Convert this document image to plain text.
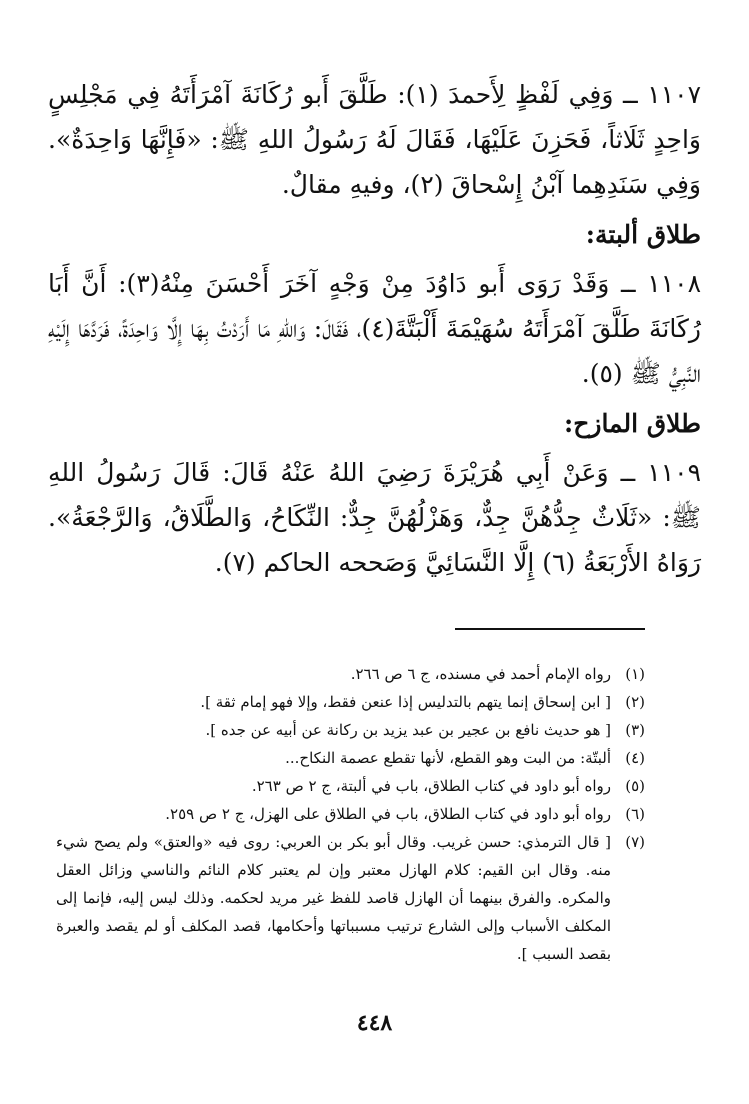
١١٠٧ ــ وَفِي لَفْظٍ لِأَحمدَ (١): طَلَّقَ أَبو رُكَانَةَ آمْرَأَتَهُ فِي مَجْلِسٍ وَاحِدٍ ثَلَاثاً، فَحَزِنَ عَلَيْهَا، فَقَالَ لَهُ رَسُولُ اللهِ ﷺ: «فَإِنَّهَا وَاحِدَةٌ». وَفِي سَنَدِهِما آبْنُ إِسْحاقَ (٢)، وفيهِ مقالٌ.

طلاق ألبتة:

١١٠٨ ــ وَقَدْ رَوَى أَبو دَاوُدَ مِنْ وَجْهٍ آخَرَ أَحْسَنَ مِنْهُ(٣): أَنَّ أَبَا رُكَانَةَ طَلَّقَ آمْرَأَتَهُ سُهَيْمَةَ أَلْبَتَّةَ(٤)، فَقَالَ: وَاللهِ مَا أَرَدْتُ بِهَا إِلَّا وَاحِدَةً، فَرَدَّهَا إِلَيْهِ النَّبِيُّ ﷺ (٥).

طلاق المازح:

١١٠٩ ــ وَعَنْ أَبِي هُرَيْرَةَ رَضِيَ اللهُ عَنْهُ قَالَ: قَالَ رَسُولُ اللهِ ﷺ: «ثَلَاثٌ جِدُّهُنَّ جِدٌّ، وَهَزْلُهُنَّ جِدٌّ: النِّكَاحُ، وَالطَّلَاقُ، وَالرَّجْعَةُ». رَوَاهُ الأَرْبَعَةُ (٦) إِلَّا النَّسَائِيَّ وَصَححه الحاكم (٧).

(١)
رواه الإمام أحمد في مسنده، ج ٦ ص ٢٦٦.
(٢)
[ ابن إسحاق إنما يتهم بالتدليس إذا عنعن فقط، وإلا فهو إمام ثقة ].
(٣)
[ هو حديث نافع بن عجير بن عبد يزيد بن ركانة عن أبيه عن جده ].
(٤)
ألبتّة: من البت وهو القطع، لأنها تقطع عصمة النكاح...
(٥)
رواه أبو داود في كتاب الطلاق، باب في ألبتة، ج ٢ ص ٢٦٣.
(٦)
رواه أبو داود في كتاب الطلاق، باب في الطلاق على الهزل، ج ٢ ص ٢٥٩.
(٧)
[ قال الترمذي: حسن غريب. وقال أبو بكر بن العربي: روى فيه «والعتق» ولم يصح شيء منه. وقال ابن القيم: كلام الهازل معتبر وإن لم يعتبر كلام النائم والناسي وزائل العقل والمكره. والفرق بينهما أن الهازل قاصد للفظ غير مريد لحكمه. وذلك ليس إليه، فإنما إلى المكلف الأسباب وإلى الشارع ترتيب مسبباتها وأحكامها، قصد المكلف أو لم يقصد والعبرة بقصد السبب ].
٤٤٨
